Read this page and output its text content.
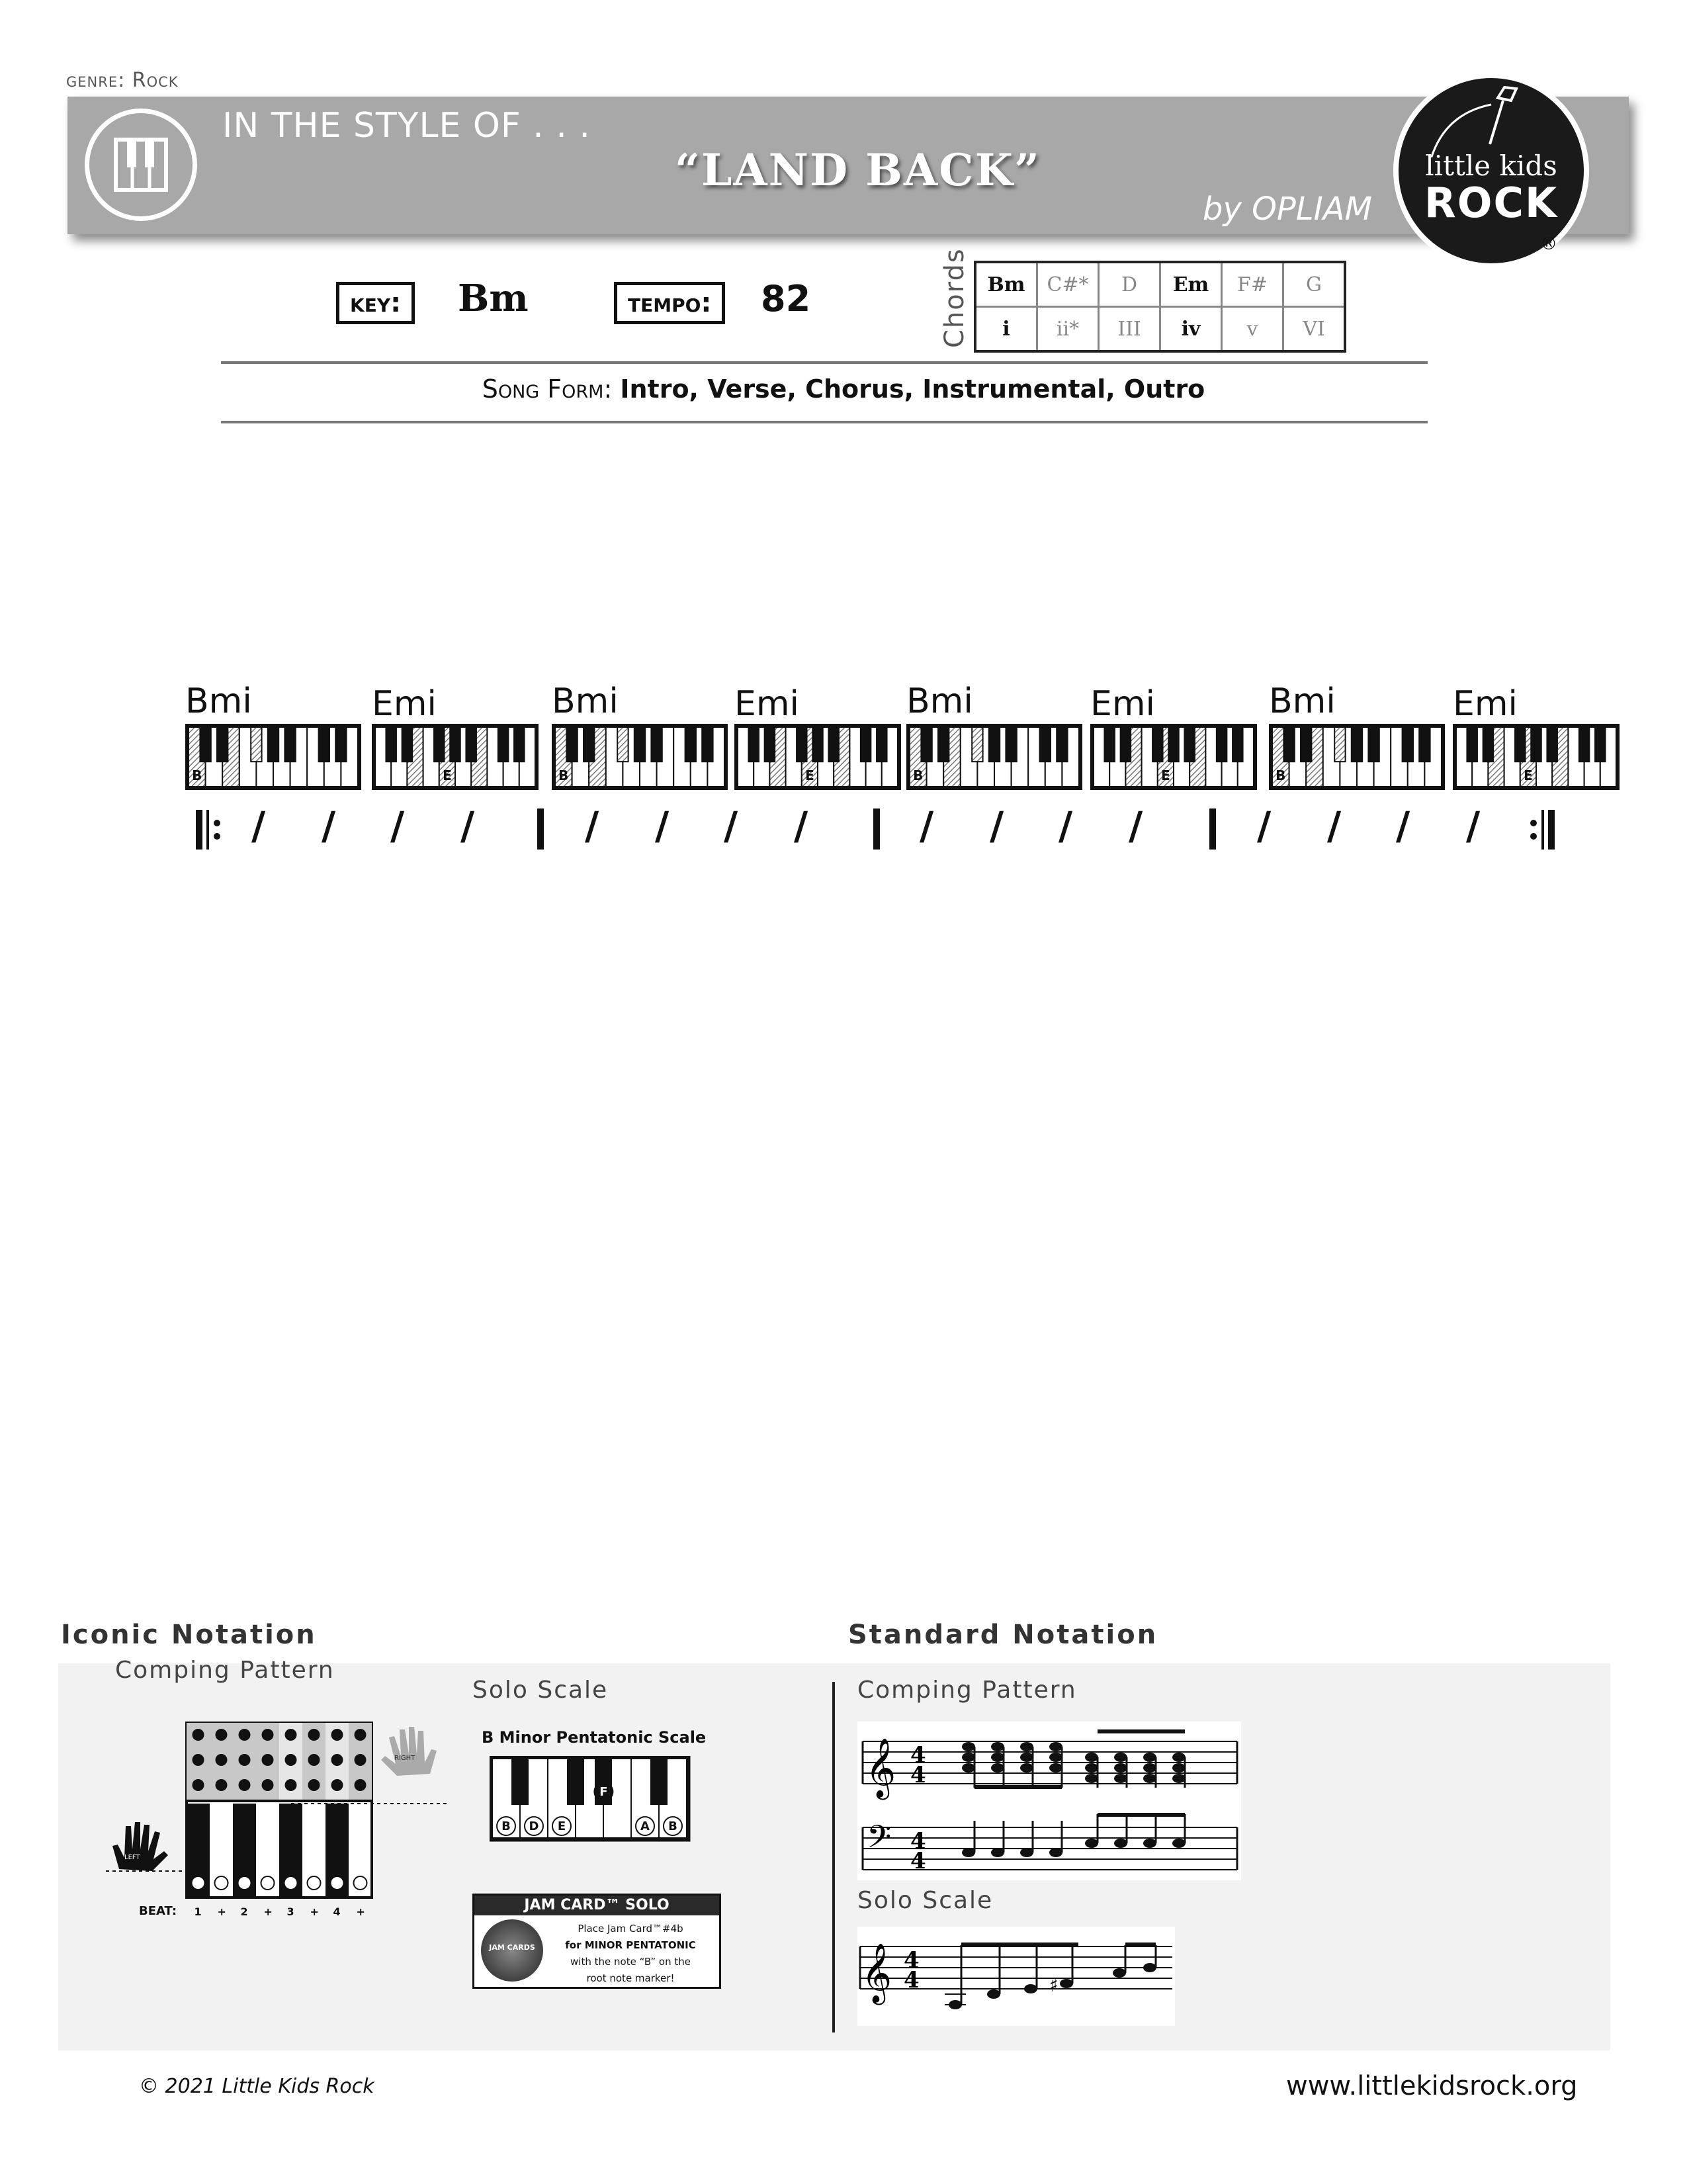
genre: Rock
IN THE STYLE OF . . .
“LAND BACK”
by OPLIAM
little kids
ROCK
®
key:	Bm	tempo:	82	Chords Bm	C#*	D	Em	F#	G
i	ii*	III	iv	v	VI
Song Form: Intro, Verse, Chorus, Instrumental, Outro
Bmi
B
Emi
E
Bmi
B
Emi
E
Bmi
B
Emi
E
Bmi
B
Emi
E
/ / / /	/ / / /	/ / / /	/ / / /
Iconic Notation	Standard Notation
Comping Pattern
Solo Scale	Comping Pattern
Solo Scale
LEFT
RIGHT
BEAT: 1 + 2 + 3 + 4 +
B Minor Pentatonic Scale
B D E
F
A B
JAM CARD™ SOLO
JAM CARDS
Place Jam Card™#4b
for MINOR PENTATONIC
with the note “B” on the
root note marker!
𝄞
𝄢
4
4
4
4
𝄞 4
4	♯
© 2021 Little Kids Rock	www.littlekidsrock.org
